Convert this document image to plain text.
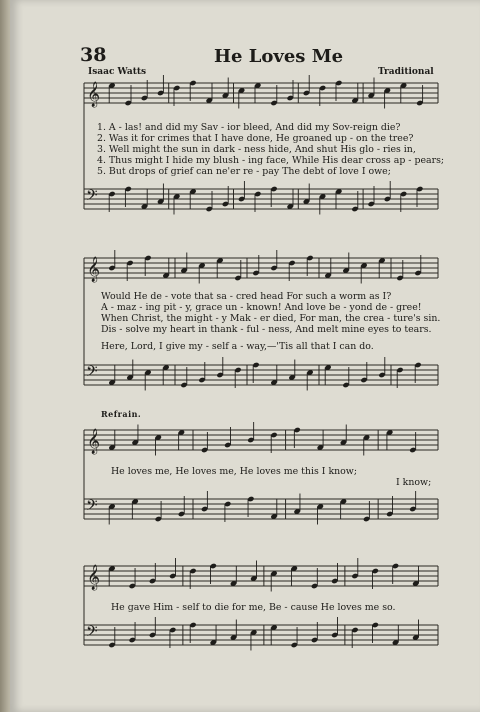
𝄞
𝄢
𝄞
𝄢
𝄞
𝄢
𝄞
𝄢
38	He Loves Me
Isaac Watts	Traditional
1. A - las! and did my Sav - ior bleed, And did my Sov-reign die?
2. Was it for crimes that I have done, He groaned up - on the tree?
3. Well might the sun in dark - ness hide, And shut His glo - ries in,
4. Thus might I hide my blush - ing face, While His dear cross ap - pears;
5. But drops of grief can ne'er re - pay The debt of love I owe;
Would He de - vote that sa - cred head For such a worm as I?
A - maz - ing pit - y, grace un - known! And love be - yond de - gree!
When Christ, the might - y Mak - er died, For man, the crea - ture's sin.
Dis - solve my heart in thank - ful - ness, And melt mine eyes to tears.
Here, Lord, I give my - self a - way,—'Tis all that I can do.
Refrain.
He loves me, He loves me, He loves me this I know;
I know;
He gave Him - self to die for me, Be - cause He loves me so.
